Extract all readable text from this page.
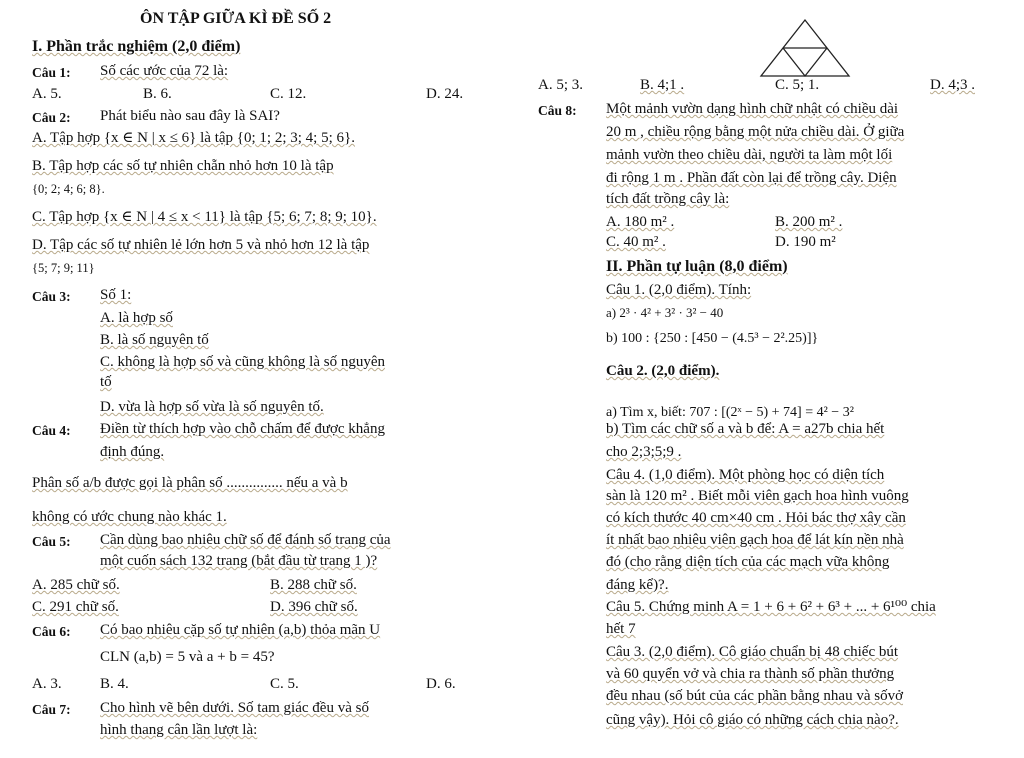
ÔN TẬP GIỮA KÌ ĐỀ SỐ 2
I. Phần trắc nghiệm (2,0 điểm)
Câu 1: Số các ước của 72 là:
A. 5.	B. 6.	C. 12.	D. 24.
Câu 2: Phát biểu nào sau đây là SAI?
A. Tập hợp {x ∈ N | x ≤ 6} là tập {0; 1; 2; 3; 4; 5; 6}.
B. Tập hợp các số tự nhiên chẵn nhỏ hơn 10 là tập
{0; 2; 4; 6; 8}.
C. Tập hợp {x ∈ N | 4 ≤ x < 11} là tập {5; 6; 7; 8; 9; 10}.
D. Tập các số tự nhiên lẻ lớn hơn 5 và nhỏ hơn 12 là tập
{5; 7; 9; 11}
Câu 3: Số 1:
A. là hợp số
B. là số nguyên tố
C. không là hợp số và cũng không là số nguyên
tố
D. vừa là hợp số vừa là số nguyên tố.
Câu 4: Điền từ thích hợp vào chỗ chấm để được khẳng
định đúng.
Phân số a/b được gọi là phân số ............... nếu a và b
không có ước chung nào khác 1.
Câu 5: Cần dùng bao nhiêu chữ số để đánh số trang của
một cuốn sách 132 trang (bắt đầu từ trang 1 )?
A. 285 chữ số.	B. 288 chữ số.
C. 291 chữ số.	D. 396 chữ số.
Câu 6: Có bao nhiêu cặp số tự nhiên (a,b) thỏa mãn U
CLN (a,b) = 5 và a + b = 45?
A. 3.	B. 4.	C. 5.	D. 6.
Câu 7: Cho hình vẽ bên dưới. Số tam giác đều và số
hình thang cân lần lượt là:
A. 5; 3.	B. 4;1 .	C. 5; 1.	D. 4;3 .
Câu 8: Một mảnh vườn dạng hình chữ nhật có chiều dài
20 m , chiều rộng bằng một nửa chiều dài. Ở giữa
mảnh vườn theo chiều dài, người ta làm một lối
đi rộng 1 m . Phần đất còn lại để trồng cây. Diện
tích đất trồng cây là:
A. 180 m² .	B. 200 m² .
C. 40 m² .	D. 190 m²
II. Phần tự luận (8,0 điểm)
Câu 1. (2,0 điểm). Tính:
a) 2³ · 4² + 3² · 3² − 40
b) 100 : {250 : [450 − (4.5³ − 2².25)]}
Câu 2. (2,0 điểm).
a) Tìm x, biết: 707 : [(2ˣ − 5) + 74] = 4² − 3²
b) Tìm các chữ số a và b để: A = a27b chia hết
cho 2;3;5;9 .
Câu 4. (1,0 điểm). Một phòng học có diện tích
sàn là 120 m² . Biết mỗi viên gạch hoa hình vuông
có kích thước 40 cm×40 cm . Hỏi bác thợ xây cần
ít nhất bao nhiêu viên gạch hoa để lát kín nền nhà
đó (cho rằng diện tích của các mạch vữa không
đáng kể)?.
Câu 5. Chứng minh A = 1 + 6 + 6² + 6³ + ... + 6¹⁰⁰ chia
hết 7
Câu 3. (2,0 điểm). Cô giáo chuẩn bị 48 chiếc bút
và 60 quyển vở và chia ra thành số phần thưởng
đều nhau (số bút của các phần bằng nhau và sốvở
cũng vậy). Hỏi cô giáo có những cách chia nào?.
